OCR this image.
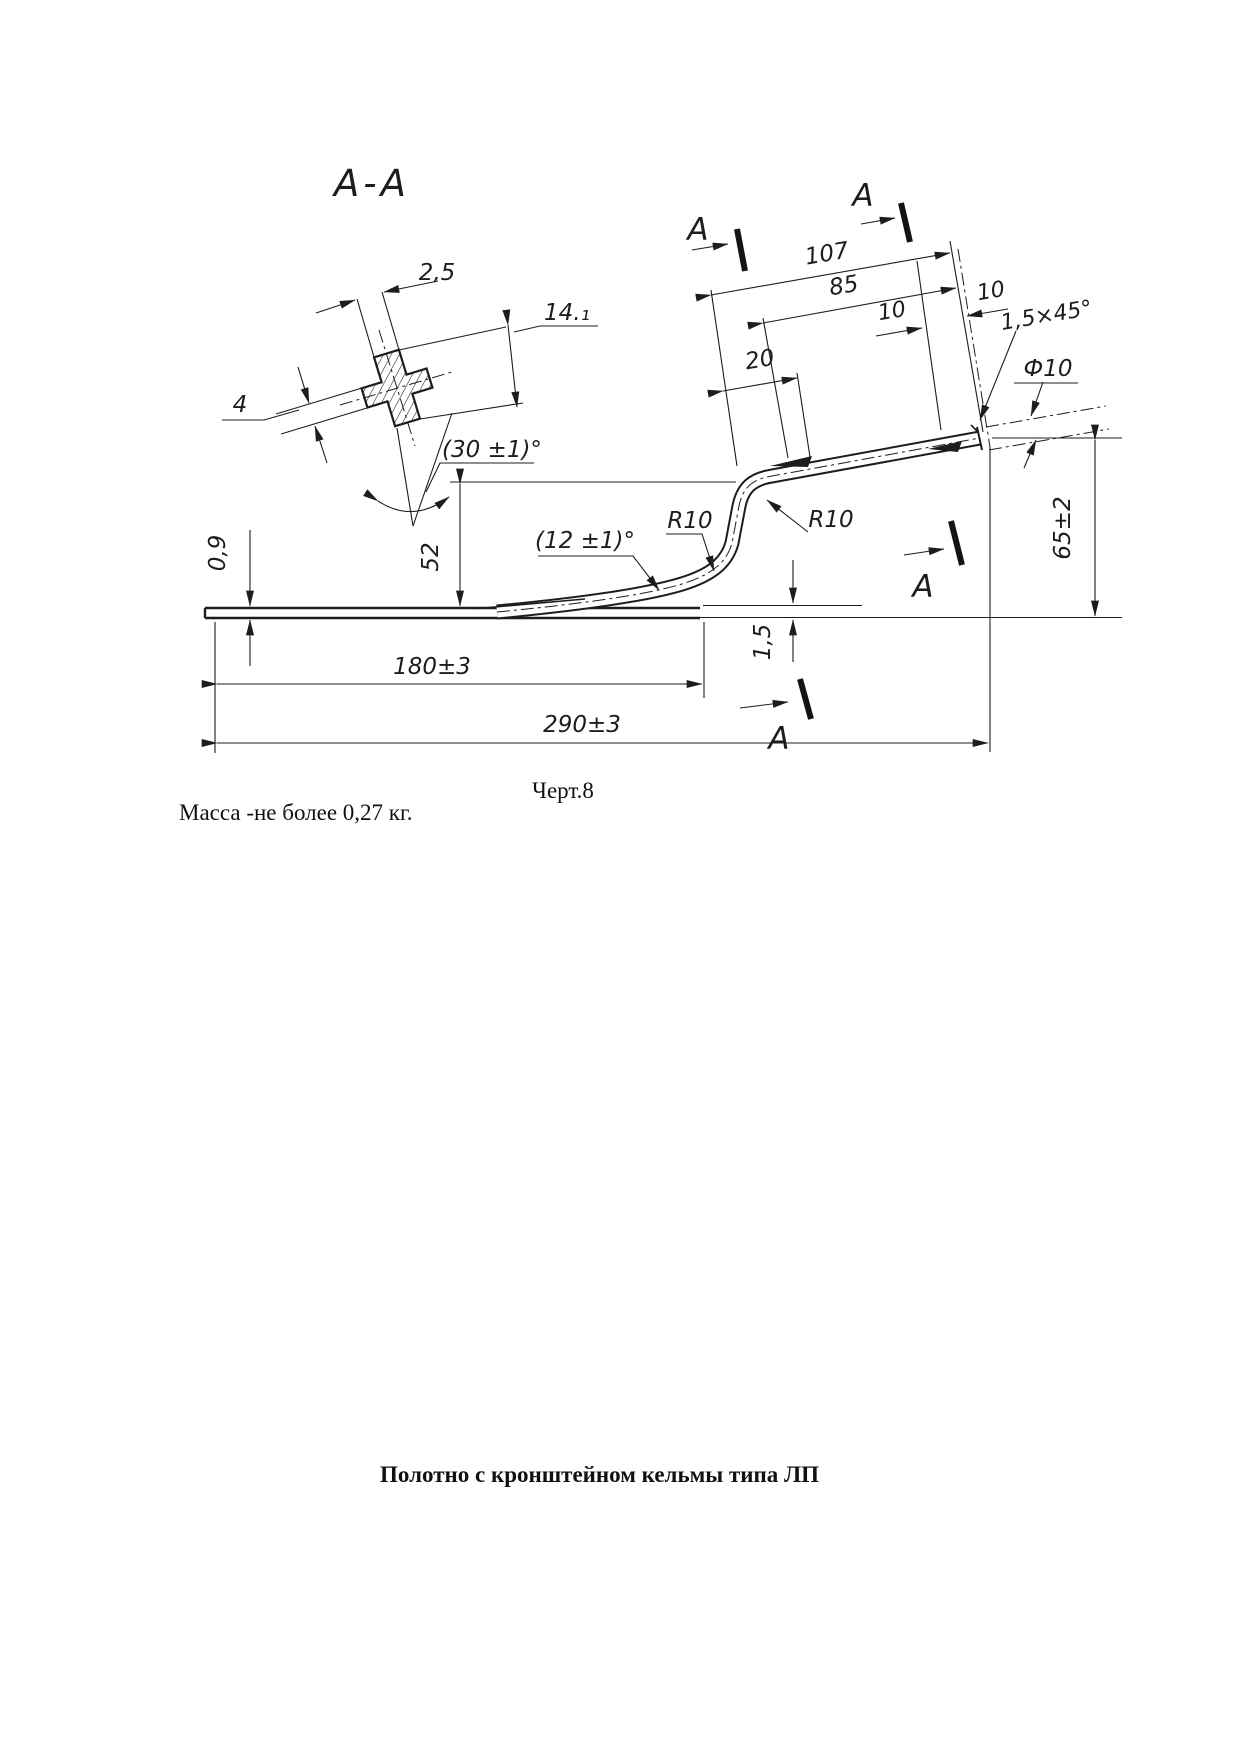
А-А
2,5
14.₁
4
(30 ±1)°
А
А
А
А
107
85
20
10
10
1,5×45°
Ф10
65±2
R10	R10
(12 ±1)°
52
0,9
1,5
180±3
290±3
Черт.8
Масса -не более 0,27 кг.
Полотно с кронштейном кельмы типа ЛП
